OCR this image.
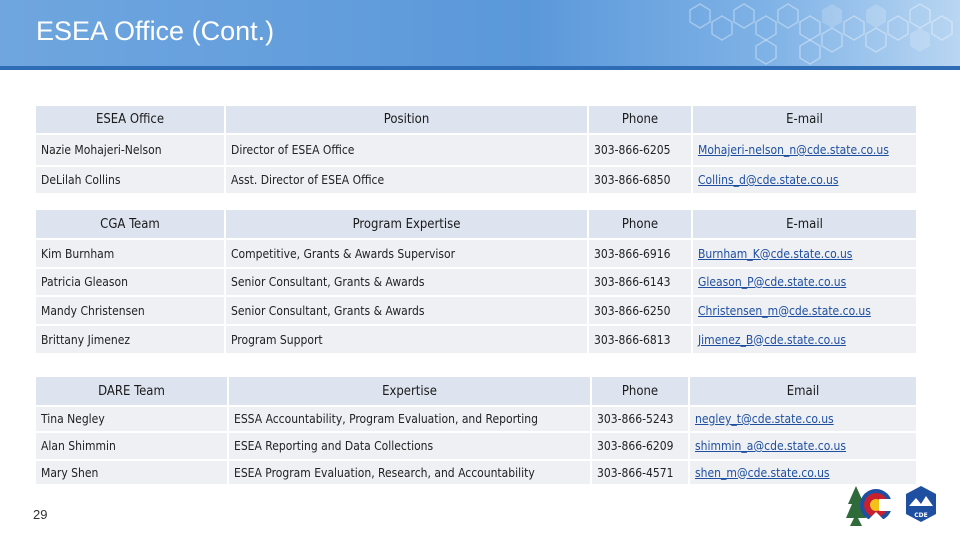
ESEA Office (Cont.)
ESEA Office	Position	Phone	E-mail
Nazie Mohajeri-Nelson	Director of ESEA Office	303-866-6205	Mohajeri-nelson_n@cde.state.co.us
DeLilah Collins	Asst. Director of ESEA Office	303-866-6850	Collins_d@cde.state.co.us
CGA Team	Program Expertise	Phone	E-mail
Kim Burnham	Competitive, Grants & Awards Supervisor	303-866-6916	Burnham_K@cde.state.co.us
Patricia Gleason	Senior Consultant, Grants & Awards	303-866-6143	Gleason_P@cde.state.co.us
Mandy Christensen	Senior Consultant, Grants & Awards	303-866-6250	Christensen_m@cde.state.co.us
Brittany Jimenez	Program Support	303-866-6813	Jimenez_B@cde.state.co.us
DARE Team	Expertise	Phone	Email
Tina Negley	ESSA Accountability, Program Evaluation, and Reporting	303-866-5243	negley_t@cde.state.co.us
Alan Shimmin	ESEA Reporting and Data Collections	303-866-6209	shimmin_a@cde.state.co.us
Mary Shen	ESEA Program Evaluation, Research, and Accountability	303-866-4571	shen_m@cde.state.co.us
29	CDE
